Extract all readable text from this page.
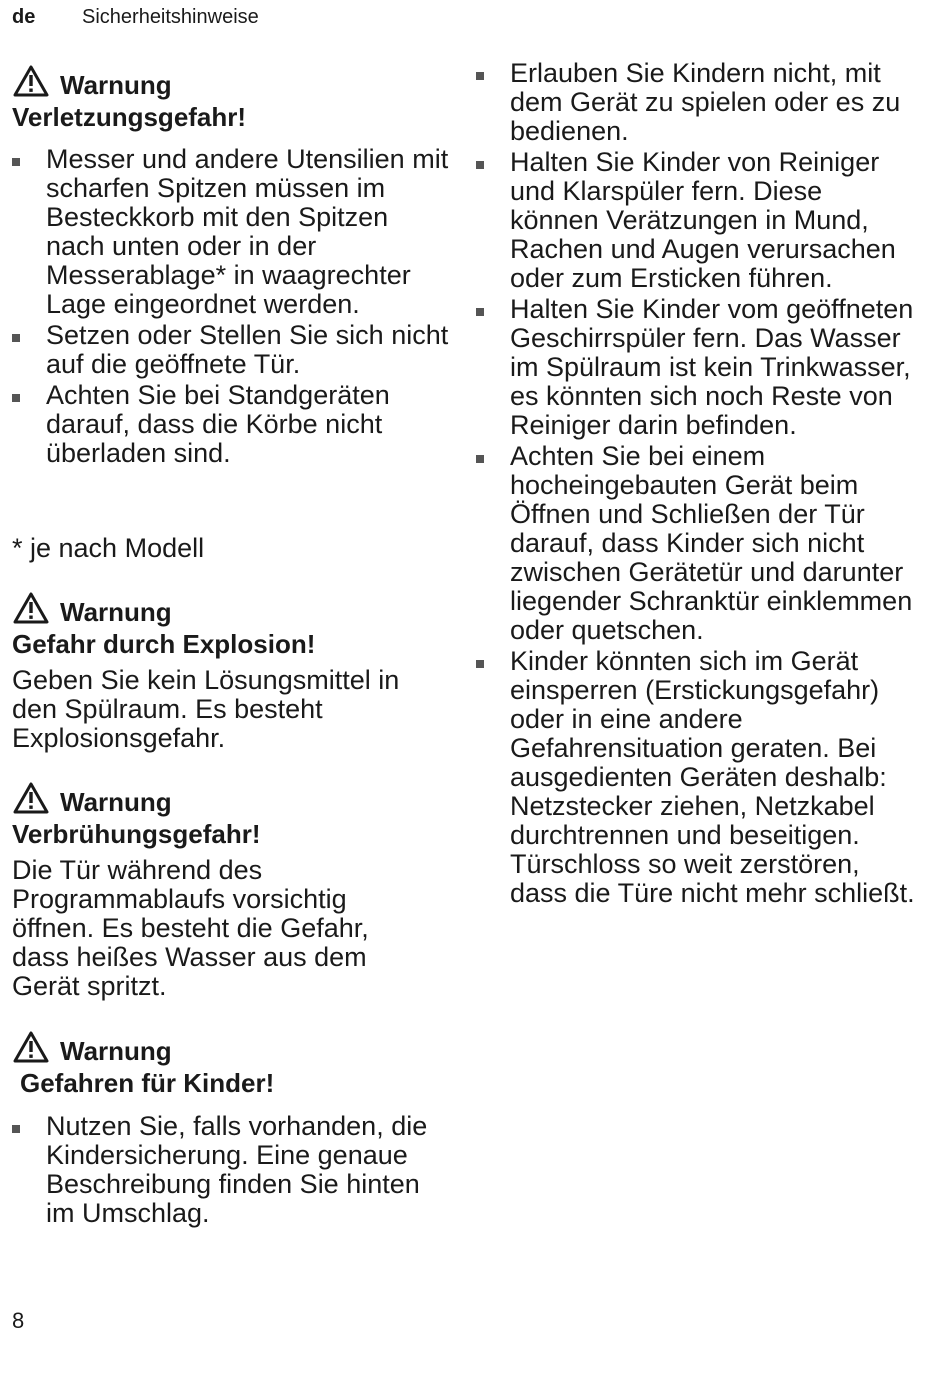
de Sicherheitshinweise
Warnung
Verletzungsgefahr!
Messer und andere Utensilien mit scharfen Spitzen müssen im Besteckkorb mit den Spitzen nach unten oder in der Messerablage* in waagrechter Lage eingeordnet werden.
Setzen oder Stellen Sie sich nicht auf die geöffnete Tür.
Achten Sie bei Standgeräten darauf, dass die Körbe nicht überladen sind.

* je nach Modell

Warnung
Gefahr durch Explosion!

Geben Sie kein Lösungsmittel in den Spülraum. Es besteht Explosionsgefahr.

Warnung
Verbrühungsgefahr!

Die Tür während des Programmablaufs vorsichtig öffnen. Es besteht die Gefahr, dass heißes Wasser aus dem Gerät spritzt.

Warnung
Gefahren für Kinder!
Nutzen Sie, falls vorhanden, die Kindersicherung. Eine genaue Beschreibung finden Sie hinten im Umschlag.
Erlauben Sie Kindern nicht, mit dem Gerät zu spielen oder es zu bedienen.
Halten Sie Kinder von Reiniger und Klarspüler fern. Diese können Verätzungen in Mund, Rachen und Augen verursachen oder zum Ersticken führen.
Halten Sie Kinder vom geöffneten Geschirrspüler fern. Das Wasser im Spülraum ist kein Trinkwasser, es könnten sich noch Reste von Reiniger darin befinden.
Achten Sie bei einem hocheingebauten Gerät beim Öffnen und Schließen der Tür darauf, dass Kinder sich nicht zwischen Gerätetür und darunter liegender Schranktür einklemmen oder quetschen.
Kinder könnten sich im Gerät einsperren (Erstickungsgefahr) oder in eine andere Gefahrensituation geraten. Bei ausgedienten Geräten deshalb: Netzstecker ziehen, Netzkabel durchtrennen und beseitigen. Türschloss so weit zerstören, dass die Türe nicht mehr schließt.
8
